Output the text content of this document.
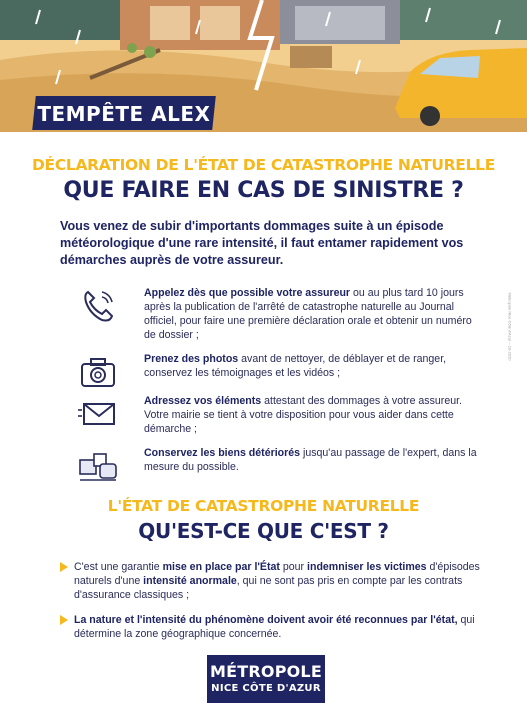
TEMPÊTE ALEX
DÉCLARATION DE L'ÉTAT DE CATASTROPHE NATURELLE
QUE FAIRE EN CAS DE SINISTRE ?
Vous venez de subir d'importants dommages suite à un épisode météorologique d'une rare intensité, il faut entamer rapidement vos démarches auprès de votre assureur.
Appelez dès que possible votre assureur ou au plus tard 10 jours après la publication de l'arrêté de catastrophe naturelle au Journal officiel, pour faire une première déclaration orale et obtenir un numéro de dossier ;
Prenez des photos avant de nettoyer, de déblayer et de ranger, conservez les témoignages et les vidéos ;
Adressez vos éléments attestant des dommages à votre assureur. Votre mairie se tient à votre disposition pour vous aider dans cette démarche ;
Conservez les biens détériorés jusqu'au passage de l'expert, dans la mesure du possible.
L'ÉTAT DE CATASTROPHE NATURELLE
QU'EST-CE QUE C'EST ?
C'est une garantie mise en place par l'État pour indemniser les victimes d'épisodes naturels d'une intensité anormale, qui ne sont pas pris en compte par les contrats d'assurance classiques ;
La nature et l'intensité du phénomène doivent avoir été reconnues par l'état, qui détermine la zone géographique concernée.
Métropole Nice Côte d'Azur – 10-2020
MÉTROPOLE
NICE CÔTE D'AZUR
